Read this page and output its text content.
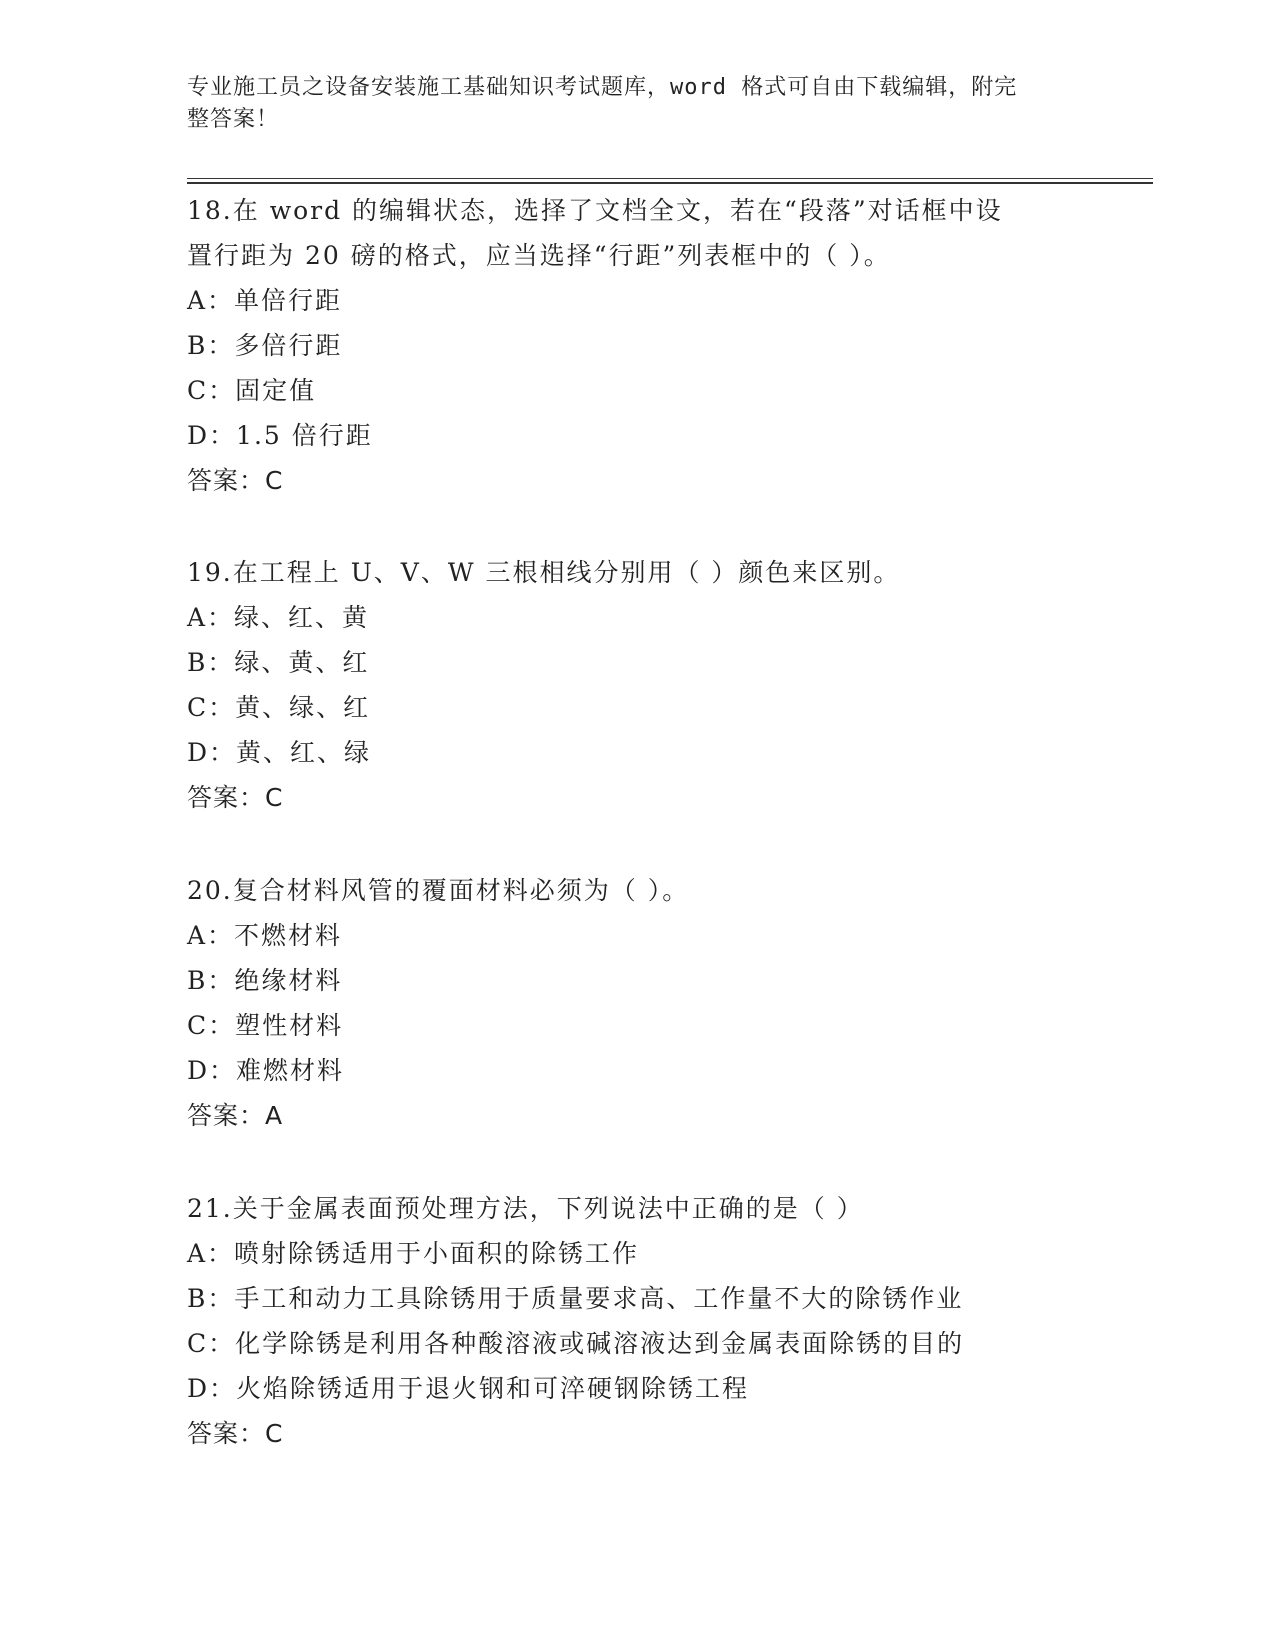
专业施工员之设备安装施工基础知识考试题库，word 格式可自由下载编辑，附完
整答案！
18.在 word 的编辑状态，选择了文档全文，若在“段落”对话框中设
置行距为 20 磅的格式，应当选择“行距”列表框中的（ ）。
A：单倍行距
B：多倍行距
C：固定值
D：1.5 倍行距
答案：C
19.在工程上 U、V、W 三根相线分别用（ ）颜色来区别。
A：绿、红、黄
B：绿、黄、红
C：黄、绿、红
D：黄、红、绿
答案：C
20.复合材料风管的覆面材料必须为（ ）。
A：不燃材料
B：绝缘材料
C：塑性材料
D：难燃材料
答案：A
21.关于金属表面预处理方法，下列说法中正确的是（ ）
A：喷射除锈适用于小面积的除锈工作
B：手工和动力工具除锈用于质量要求高、工作量不大的除锈作业
C：化学除锈是利用各种酸溶液或碱溶液达到金属表面除锈的目的
D：火焰除锈适用于退火钢和可淬硬钢除锈工程
答案：C
